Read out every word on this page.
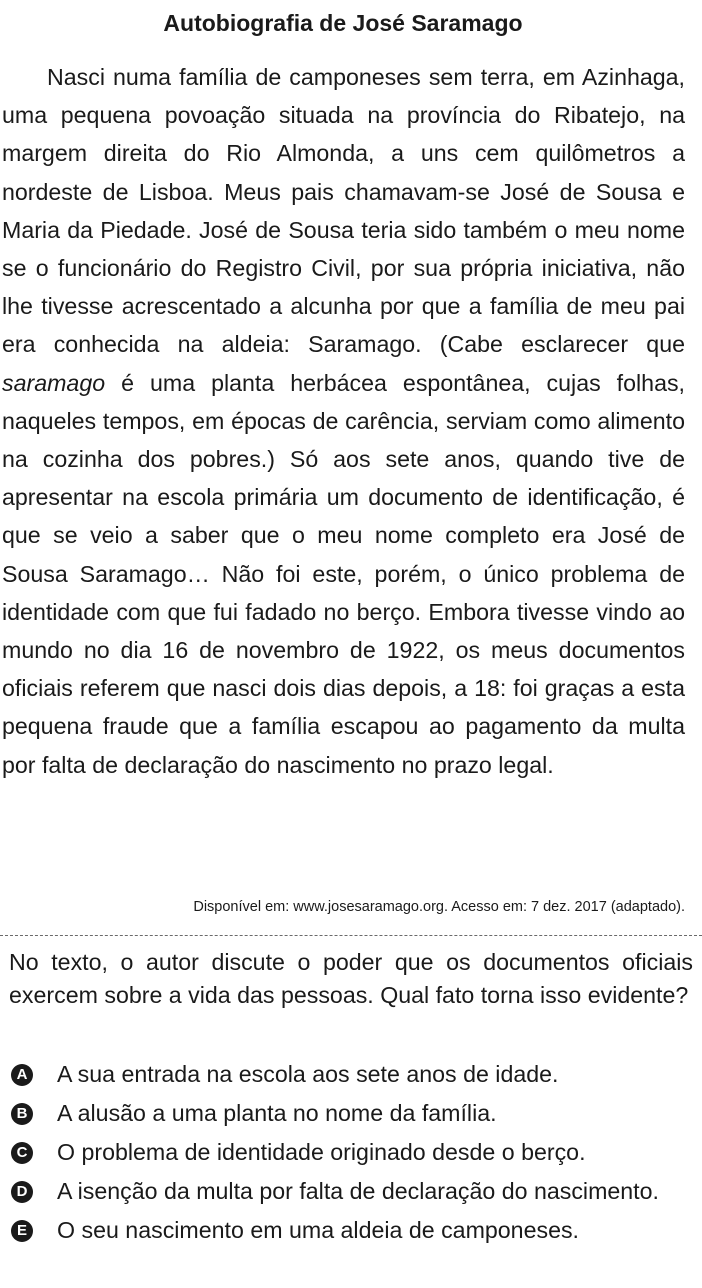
Autobiografia de José Saramago

Nasci numa família de camponeses sem terra, em Azinhaga, uma pequena povoação situada na província do Ribatejo, na margem direita do Rio Almonda, a uns cem quilômetros a nordeste de Lisboa. Meus pais chamavam-se José de Sousa e Maria da Piedade. José de Sousa teria sido também o meu nome se o funcionário do Registro Civil, por sua própria iniciativa, não lhe tivesse acrescentado a alcunha por que a família de meu pai era conhecida na aldeia: Saramago. (Cabe esclarecer que saramago é uma planta herbácea espontânea, cujas folhas, naqueles tempos, em épocas de carência, serviam como alimento na cozinha dos pobres.) Só aos sete anos, quando tive de apresentar na escola primária um documento de identificação, é que se veio a saber que o meu nome completo era José de Sousa Saramago… Não foi este, porém, o único problema de identidade com que fui fadado no berço. Embora tivesse vindo ao mundo no dia 16 de novembro de 1922, os meus documentos oficiais referem que nasci dois dias depois, a 18: foi graças a esta pequena fraude que a família escapou ao pagamento da multa por falta de declaração do nascimento no prazo legal.

Disponível em: www.josesaramago.org. Acesso em: 7 dez. 2017 (adaptado).

No texto, o autor discute o poder que os documentos oficiais exercem sobre a vida das pessoas. Qual fato torna isso evidente?

A A sua entrada na escola aos sete anos de idade.
B A alusão a uma planta no nome da família.
C O problema de identidade originado desde o berço.
D A isenção da multa por falta de declaração do nascimento.
E O seu nascimento em uma aldeia de camponeses.
